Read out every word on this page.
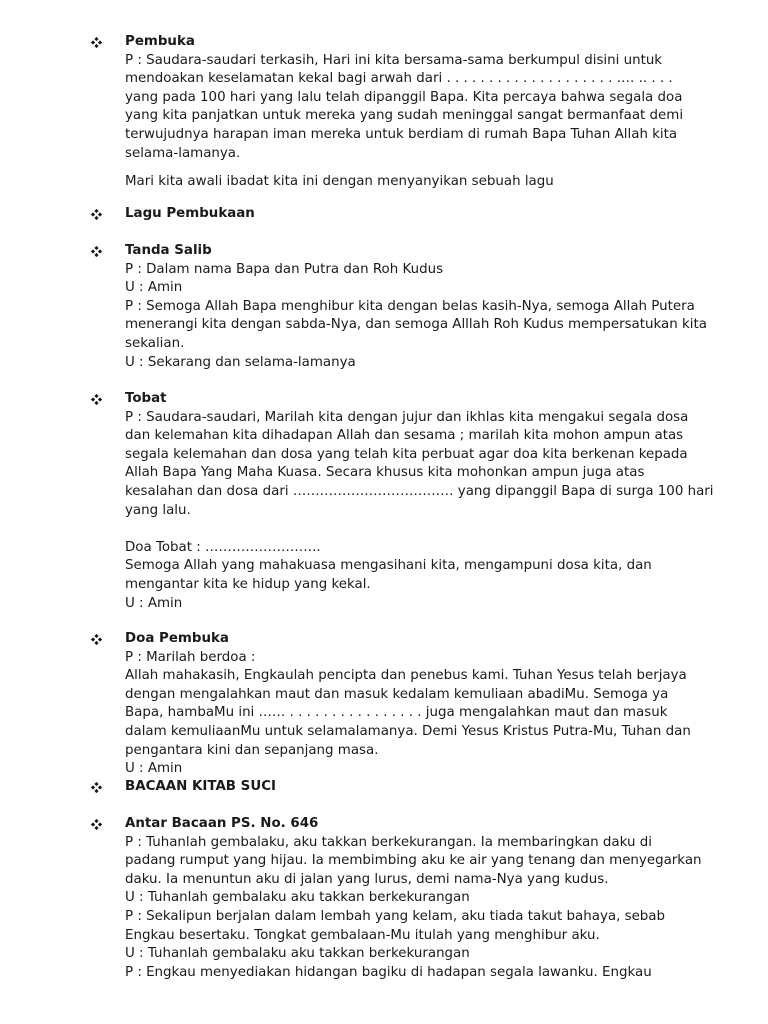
Pembuka
P : Saudara-saudari terkasih, Hari ini kita bersama-sama berkumpul disini untuk
mendoakan keselamatan kekal bagi arwah dari . . . . . . . . . . . . . . . . . . . . .… .. . . .
yang pada 100 hari yang lalu telah dipanggil Bapa. Kita percaya bahwa segala doa
yang kita panjatkan untuk mereka yang sudah meninggal sangat bermanfaat demi
terwujudnya harapan iman mereka untuk berdiam di rumah Bapa Tuhan Allah kita
selama-lamanya.
Mari kita awali ibadat kita ini dengan menyanyikan sebuah lagu
Lagu Pembukaan
Tanda Salib
P : Dalam nama Bapa dan Putra dan Roh Kudus
U : Amin
P : Semoga Allah Bapa menghibur kita dengan belas kasih-Nya, semoga Allah Putera
menerangi kita dengan sabda-Nya, dan semoga Alllah Roh Kudus mempersatukan kita
sekalian.
U : Sekarang dan selama-lamanya
Tobat
P : Saudara-saudari, Marilah kita dengan jujur dan ikhlas kita mengakui segala dosa
dan kelemahan kita dihadapan Allah dan sesama ; marilah kita mohon ampun atas
segala kelemahan dan dosa yang telah kita perbuat agar doa kita berkenan kepada
Allah Bapa Yang Maha Kuasa. Secara khusus kita mohonkan ampun juga atas
kesalahan dan dosa dari ……………………………… yang dipanggil Bapa di surga 100 hari
yang lalu.
Doa Tobat : ……………………..
Semoga Allah yang mahakuasa mengasihani kita, mengampuni dosa kita, dan
mengantar kita ke hidup yang kekal.
U : Amin
Doa Pembuka
P : Marilah berdoa :
Allah mahakasih, Engkaulah pencipta dan penebus kami. Tuhan Yesus telah berjaya
dengan mengalahkan maut dan masuk kedalam kemuliaan abadiMu. Semoga ya
Bapa, hambaMu ini …… . . . . . . . . . . . . . . . . juga mengalahkan maut dan masuk
dalam kemuliaanMu untuk selamalamanya. Demi Yesus Kristus Putra-Mu, Tuhan dan
pengantara kini dan sepanjang masa.
U : Amin
BACAAN KITAB SUCI
Antar Bacaan PS. No. 646
P : Tuhanlah gembalaku, aku takkan berkekurangan. Ia membaringkan daku di
padang rumput yang hijau. Ia membimbing aku ke air yang tenang dan menyegarkan
daku. Ia menuntun aku di jalan yang lurus, demi nama-Nya yang kudus.
U : Tuhanlah gembalaku aku takkan berkekurangan
P : Sekalipun berjalan dalam lembah yang kelam, aku tiada takut bahaya, sebab
Engkau besertaku. Tongkat gembalaan-Mu itulah yang menghibur aku.
U : Tuhanlah gembalaku aku takkan berkekurangan
P : Engkau menyediakan hidangan bagiku di hadapan segala lawanku. Engkau
